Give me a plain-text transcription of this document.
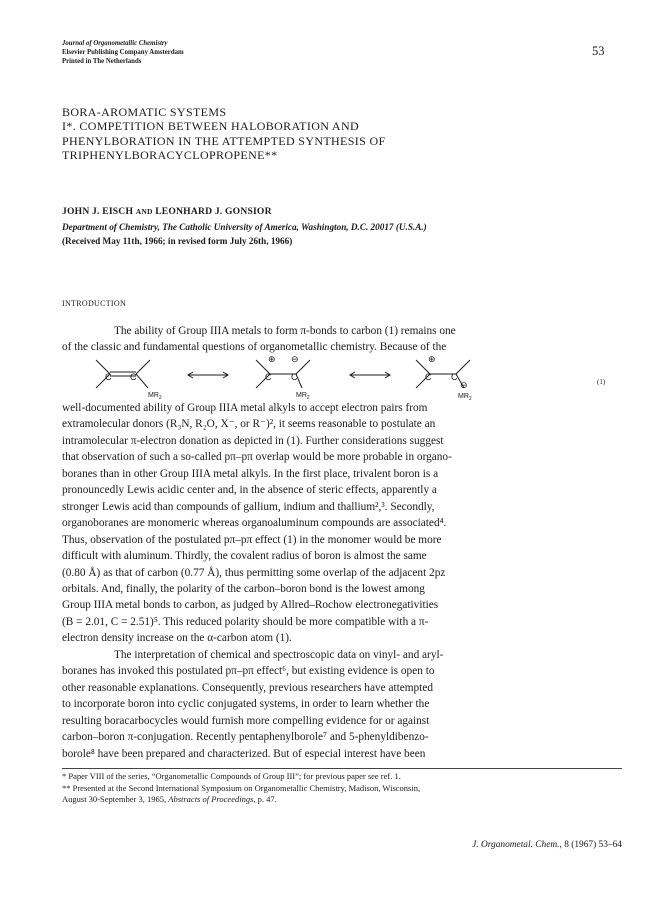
Journal of Organometallic Chemistry
Elsevier Publishing Company Amsterdam
Printed in The Netherlands
53
BORA-AROMATIC SYSTEMS
I*. COMPETITION BETWEEN HALOBORATION AND
PHENYLBORATION IN THE ATTEMPTED SYNTHESIS OF
TRIPHENYLBORACYCLOPROPENE**
JOHN J. EISCH AND LEONHARD J. GONSIOR
Department of Chemistry, The Catholic University of America, Washington, D.C. 20017 (U.S.A.)
(Received May 11th, 1966; in revised form July 26th, 1966)
INTRODUCTION
The ability of Group IIIA metals to form π-bonds to carbon (1) remains one
of the classic and fundamental questions of organometallic chemistry. Because of the
C C
$MR_2$
C C
⊕ ⊖
$MR_2$
C C
⊕
⊖
$MR_2$
(1)
well-documented ability of Group IIIA metal alkyls to accept electron pairs from
extramolecular donors (R₃N, R₂O, X⁻, or R⁻)², it seems reasonable to postulate an
intramolecular π-electron donation as depicted in (1). Further considerations suggest
that observation of such a so-called pπ–pπ overlap would be more probable in organo-
boranes than in other Group IIIA metal alkyls. In the first place, trivalent boron is a
pronouncedly Lewis acidic center and, in the absence of steric effects, apparently a
stronger Lewis acid than compounds of gallium, indium and thallium²,³. Secondly,
organoboranes are monomeric whereas organoaluminum compounds are associated⁴.
Thus, observation of the postulated pπ–pπ effect (1) in the monomer would be more
difficult with aluminum. Thirdly, the covalent radius of boron is almost the same
(0.80 Å) as that of carbon (0.77 Å), thus permitting some overlap of the adjacent 2pz
orbitals. And, finally, the polarity of the carbon–boron bond is the lowest among
Group IIIA metal bonds to carbon, as judged by Allred–Rochow electronegativities
(B = 2.01, C = 2.51)⁵. This reduced polarity should be more compatible with a π-
electron density increase on the α-carbon atom (1).
The interpretation of chemical and spectroscopic data on vinyl- and aryl-
boranes has invoked this postulated pπ–pπ effect⁶, but existing evidence is open to
other reasonable explanations. Consequently, previous researchers have attempted
to incorporate boron into cyclic conjugated systems, in order to learn whether the
resulting boracarbocycles would furnish more compelling evidence for or against
carbon–boron π-conjugation. Recently pentaphenylborole⁷ and 5-phenyldibenzo-
borole⁸ have been prepared and characterized. But of especial interest have been
* Paper VIII of the series, “Organometallic Compounds of Group III”; for previous paper see ref. 1.
** Presented at the Second International Symposium on Organometallic Chemistry, Madison, Wisconsin,
August 30-September 3, 1965, Abstracts of Proceedings, p. 47.
J. Organometal. Chem., 8 (1967) 53–64
